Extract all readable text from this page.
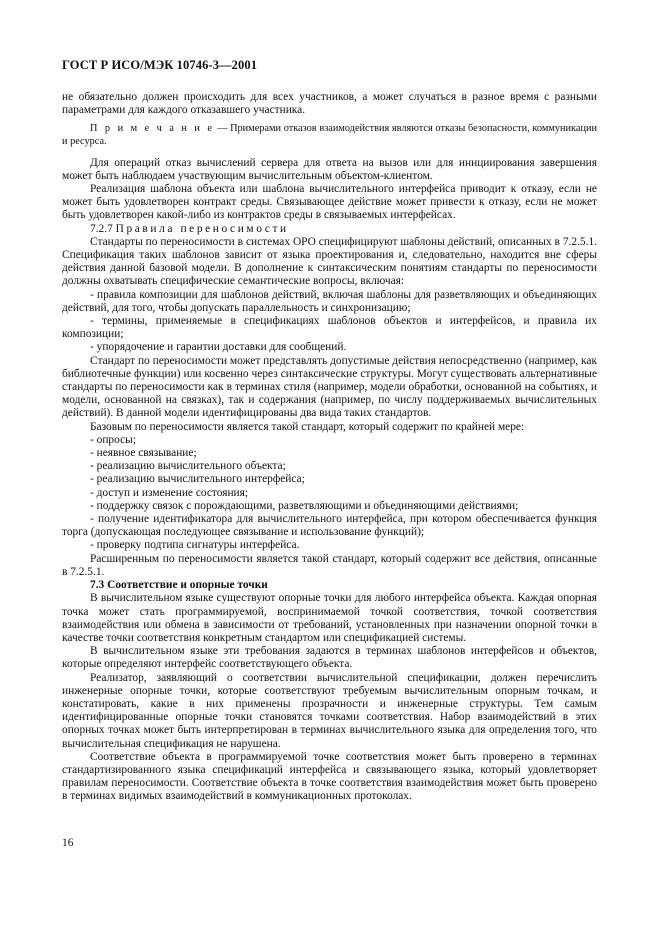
ГОСТ Р ИСО/МЭК 10746-3—2001

не обязательно должен происходить для всех участников, а может случаться в разное время с разными параметрами для каждого отказавшего участника.

П р и м е ч а н и е — Примерами отказов взаимодействия являются отказы безопасности, коммуникации и ресурса.

Для операций отказ вычислений сервера для ответа на вызов или для инициирования завершения может быть наблюдаем участвующим вычислительным объектом-клиентом.

Реализация шаблона объекта или шаблона вычислительного интерфейса приводит к отказу, если не может быть удовлетворен контракт среды. Связывающее действие может привести к отказу, если не может быть удовлетворен какой-либо из контрактов среды в связываемых интерфейсах.

7.2.7 Правила переносимости

Стандарты по переносимости в системах ОРО специфицируют шаблоны действий, описанных в 7.2.5.1. Спецификация таких шаблонов зависит от языка проектирования и, следовательно, находится вне сферы действия данной базовой модели. В дополнение к синтаксическим понятиям стандарты по переносимости должны охватывать специфические семантические вопросы, включая:

- правила композиции для шаблонов действий, включая шаблоны для разветвляющих и объединяющих действий, для того, чтобы допускать параллельность и синхронизацию;

- термины, применяемые в спецификациях шаблонов объектов и интерфейсов, и правила их композиции;

- упорядочение и гарантии доставки для сообщений.

Стандарт по переносимости может представлять допустимые действия непосредственно (например, как библиотечные функции) или косвенно через синтаксические структуры. Могут существовать альтернативные стандарты по переносимости как в терминах стиля (например, модели обработки, основанной на событиях, и модели, основанной на связках), так и содержания (например, по числу поддерживаемых вычислительных действий). В данной модели идентифицированы два вида таких стандартов.

Базовым по переносимости является такой стандарт, который содержит по крайней мере:

- опросы;

- неявное связывание;

- реализацию вычислительного объекта;

- реализацию вычислительного интерфейса;

- доступ и изменение состояния;

- поддержку связок с порождающими, разветвляющими и объединяющими действиями;

- получение идентификатора для вычислительного интерфейса, при котором обеспечивается функция торга (допускающая последующее связывание и использование функций);

- проверку подтипа сигнатуры интерфейса.

Расширенным по переносимости является такой стандарт, который содержит все действия, описанные в 7.2.5.1.

7.3 Соответствие и опорные точки

В вычислительном языке существуют опорные точки для любого интерфейса объекта. Каждая опорная точка может стать программируемой, воспринимаемой точкой соответствия, точкой соответствия взаимодействия или обмена в зависимости от требований, установленных при назначении опорной точки в качестве точки соответствия конкретным стандартом или спецификацией системы.

В вычислительном языке эти требования задаются в терминах шаблонов интерфейсов и объектов, которые определяют интерфейс соответствующего объекта.

Реализатор, заявляющий о соответствии вычислительной спецификации, должен перечислить инженерные опорные точки, которые соответствуют требуемым вычислительным опорным точкам, и констатировать, какие в них применены прозрачности и инженерные структуры. Тем самым идентифицированные опорные точки становятся точками соответствия. Набор взаимодействий в этих опорных точках может быть интерпретирован в терминах вычислительного языка для определения того, что вычислительная спецификация не нарушена.

Соответствие объекта в программируемой точке соответствия может быть проверено в терминах стандартизированного языка спецификаций интерфейса и связывающего языка, который удовлетворяет правилам переносимости. Соответствие объекта в точке соответствия взаимодействия может быть проверено в терминах видимых взаимодействий в коммуникационных протоколах.

16
